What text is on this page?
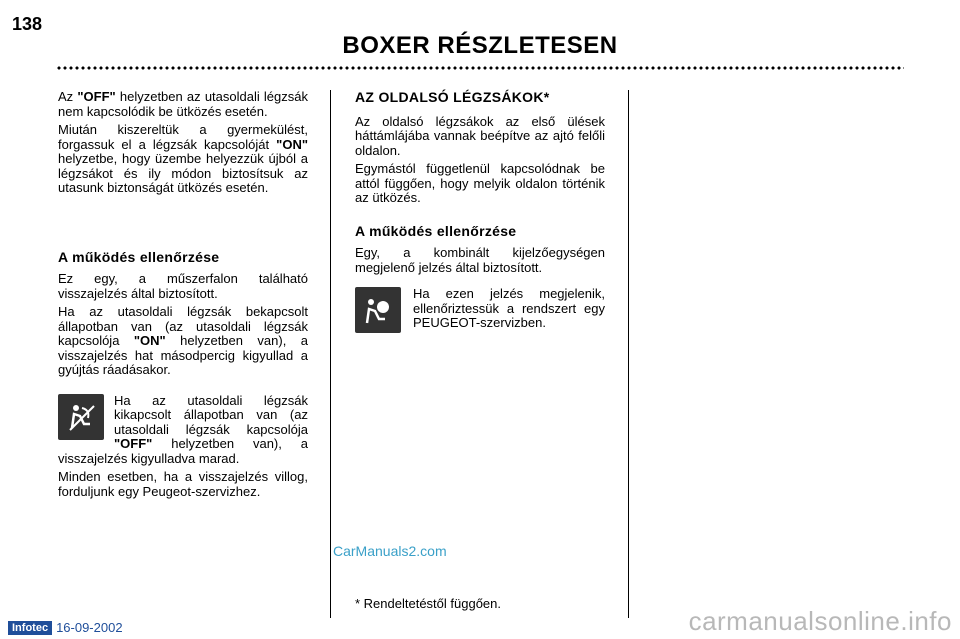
138
BOXER RÉSZLETESEN

Az "OFF" helyzetben az utasoldali légzsák nem kapcsolódik be ütközés esetén.

Miután kiszereltük a gyermekülést, forgassuk el a légzsák kapcsolóját "ON" helyzetbe, hogy üzembe helyezzük újból a légzsákot és ily módon biztosítsuk az utasunk biztonságát ütközés esetén.

A működés ellenőrzése

Ez egy, a műszerfalon található visszajelzés által biztosított.

Ha az utasoldali légzsák bekapcsolt állapotban van (az utasoldali légzsák kapcsolója "ON" helyzetben van), a visszajelzés hat másodpercig kigyullad a gyújtás ráadásakor.

Ha az utasoldali légzsák kikapcsolt állapotban van (az utasoldali légzsák kapcsolója "OFF" helyzetben van), a visszajelzés kigyulladva marad.

Minden esetben, ha a visszajelzés villog, forduljunk egy Peugeot-szervizhez.

AZ OLDALSÓ LÉGZSÁKOK*

Az oldalsó légzsákok az első ülések háttámlájába vannak beépítve az ajtó felőli oldalon.

Egymástól függetlenül kapcsolódnak be attól függően, hogy melyik oldalon történik az ütközés.

A működés ellenőrzése

Egy, a kombinált kijelzőegységen megjelenő jelzés által biztosított.

Ha ezen jelzés megjelenik, ellenőriztessük a rendszert egy PEUGEOT-szervizben.

CarManuals2.com
* Rendeltetéstől függően.
Infotec 16-09-2002	carmanualsonline.info
